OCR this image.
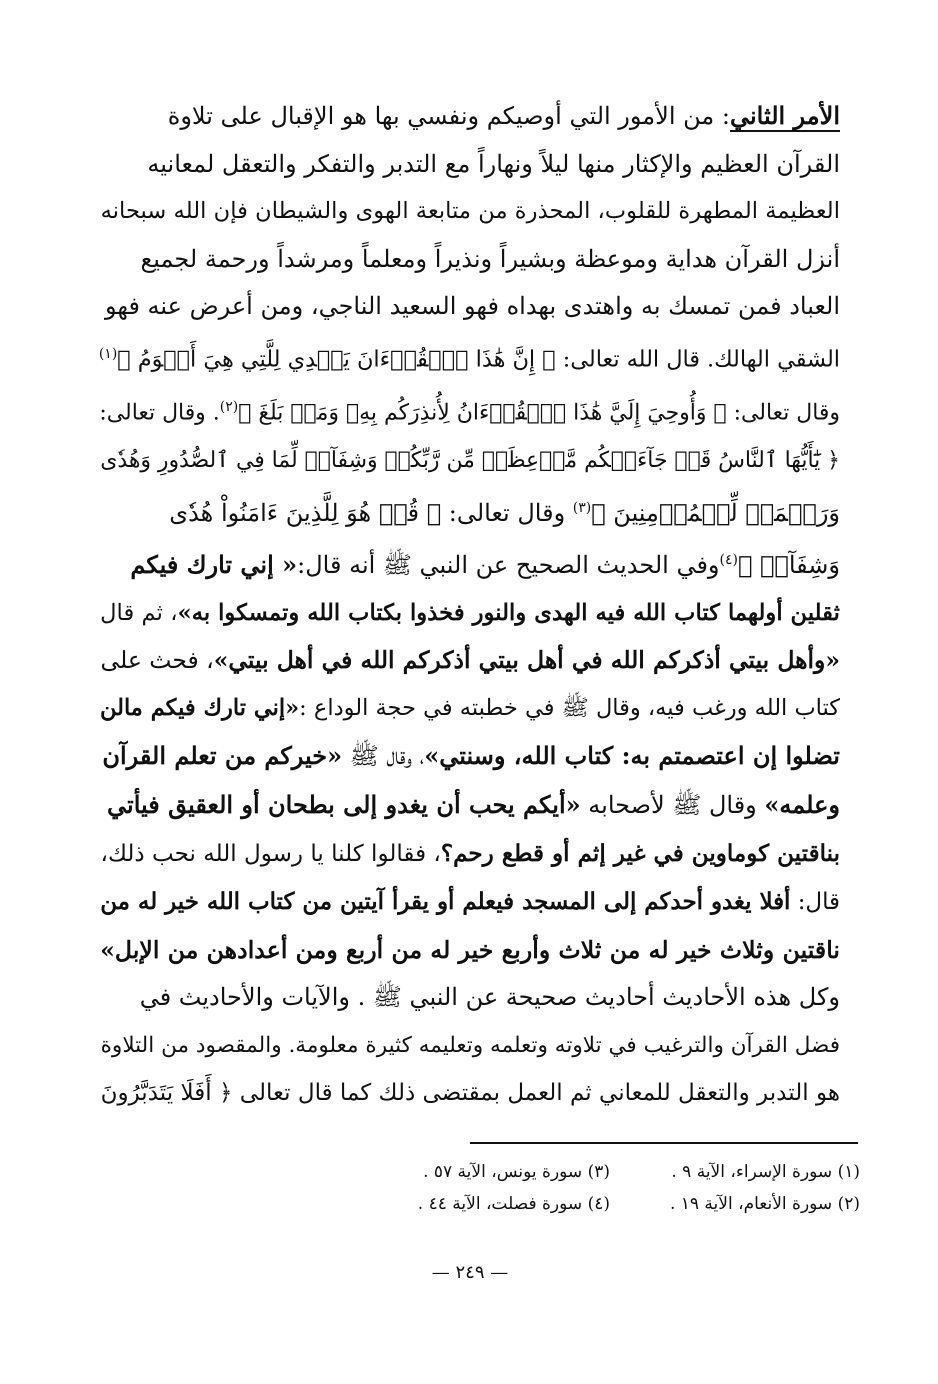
الأمر الثاني: من الأمور التي أوصيكم ونفسي بها هو الإقبال على تلاوة
القرآن العظيم والإكثار منها ليلاً ونهاراً مع التدبر والتفكر والتعقل لمعانيه
العظيمة المطهرة للقلوب، المحذرة من متابعة الهوى والشيطان فإن الله سبحانه
أنزل القرآن هداية وموعظة وبشيراً ونذيراً ومعلماً ومرشداً ورحمة لجميع
العباد فمن تمسك به واهتدى بهداه فهو السعيد الناجي، ومن أعرض عنه فهو
الشقي الهالك. قال الله تعالى: ﴿ إِنَّ هَٰذَا ٱلۡقُرۡءَانَ يَهۡدِي لِلَّتِي هِيَ أَقۡوَمُ ﴾$^{(١)}$
وقال تعالى: ﴿ وَأُوحِيَ إِلَيَّ هَٰذَا ٱلۡقُرۡءَانُ لِأُنذِرَكُم بِهِۦ وَمَنۢ بَلَغَ ﴾$^{(٢)}$. وقال تعالى:
﴿ يَٰٓأَيُّهَا ٱلنَّاسُ قَدۡ جَآءَتۡكُم مَّوۡعِظَةٞ مِّن رَّبِّكُمۡ وَشِفَآءٞ لِّمَا فِي ٱلصُّدُورِ وَهُدٗى
وَرَحۡمَةٞ لِّلۡمُؤۡمِنِينَ ﴾$^{(٣)}$ وقال تعالى: ﴿ قُلۡ هُوَ لِلَّذِينَ ءَامَنُواْ هُدٗى
وَشِفَآءٞ ﴾$^{(٤)}$وفي الحديث الصحيح عن النبي ﷺ أنه قال:« إني تارك فيكم
ثقلين أولهما كتاب الله فيه الهدى والنور فخذوا بكتاب الله وتمسكوا به»، ثم قال
«وأهل بيتي أذكركم الله في أهل بيتي أذكركم الله في أهل بيتي»، فحث على
كتاب الله ورغب فيه، وقال ﷺ في خطبته في حجة الوداع :«إني تارك فيكم مالن
تضلوا إن اعتصمتم به: كتاب الله، وسنتي»، وقال ﷺ «خيركم من تعلم القرآن
وعلمه» وقال ﷺ لأصحابه «أيكم يحب أن يغدو إلى بطحان أو العقيق فيأتي
بناقتين كوماوين في غير إثم أو قطع رحم؟، فقالوا كلنا يا رسول الله نحب ذلك،
قال: أفلا يغدو أحدكم إلى المسجد فيعلم أو يقرأ آيتين من كتاب الله خير له من
ناقتين وثلاث خير له من ثلاث وأربع خير له من أربع ومن أعدادهن من الإبل»
وكل هذه الأحاديث أحاديث صحيحة عن النبي ﷺ . والآيات والأحاديث في
فضل القرآن والترغيب في تلاوته وتعلمه وتعليمه كثيرة معلومة. والمقصود من التلاوة
هو التدبر والتعقل للمعاني ثم العمل بمقتضى ذلك كما قال تعالى ﴿ أَفَلَا يَتَدَبَّرُونَ
(١) سورة الإسراء، الآية ٩ .
(٣) سورة يونس، الآية ٥٧ .
(٢) سورة الأنعام، الآية ١٩ .
(٤) سورة فصلت، الآية ٤٤ .
— ٢٤٩ —
